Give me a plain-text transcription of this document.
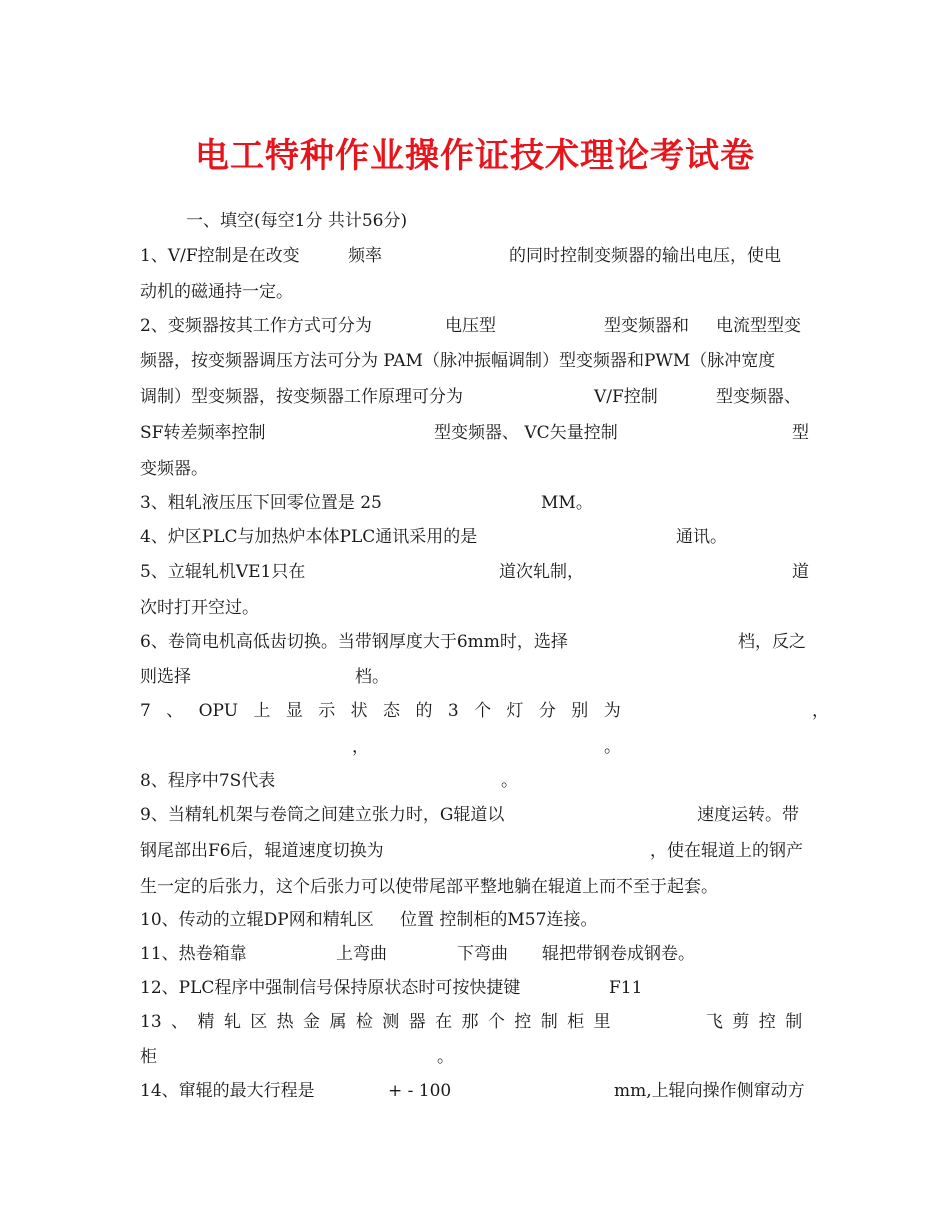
电工特种作业操作证技术理论考试卷
一、填空(每空1分 共计56分)
1、V/F控制是在改变	频率	的同时控制变频器的输出电压，使电
动机的磁通持一定。
2、变频器按其工作方式可分为	电压型	型变频器和 电流型型变
频器，按变频器调压方法可分为 PAM（脉冲振幅调制）型变频器和PWM（脉冲宽度
调制）型变频器，按变频器工作原理可分为	V/F控制	型变频器、
SF转差频率控制	型变频器、 VC矢量控制	型
变频器。
3、粗轧液压压下回零位置是 25	MM。
4、炉区PLC与加热炉本体PLC通讯采用的是	通讯。
5、立辊轧机VE1只在	道次轧制，	道
次时打开空过。
6、卷筒电机高低齿切换。当带钢厚度大于6mm时，选择	档，反之
则选择	档。
7 、 OPU 上 显 示 状 态 的 3 个 灯 分 别 为	，
，	。
8、程序中7S代表	。
9、当精轧机架与卷筒之间建立张力时，G辊道以	速度运转。带
钢尾部出F6后，辊道速度切换为	，使在辊道上的钢产
生一定的后张力，这个后张力可以使带尾部平整地躺在辊道上而不至于起套。
10、传动的立辊DP网和精轧区 位置 控制柜的M57连接。
11、热卷箱靠	上弯曲	下弯曲 辊把带钢卷成钢卷。
12、PLC程序中强制信号保持原状态时可按快捷键	F11
13 、 精 轧 区 热 金 属 检 测 器 在 那 个 控 制 柜 里	飞 剪 控 制
柜	。
14、窜辊的最大行程是	+ - 100	mm,上辊向操作侧窜动方
